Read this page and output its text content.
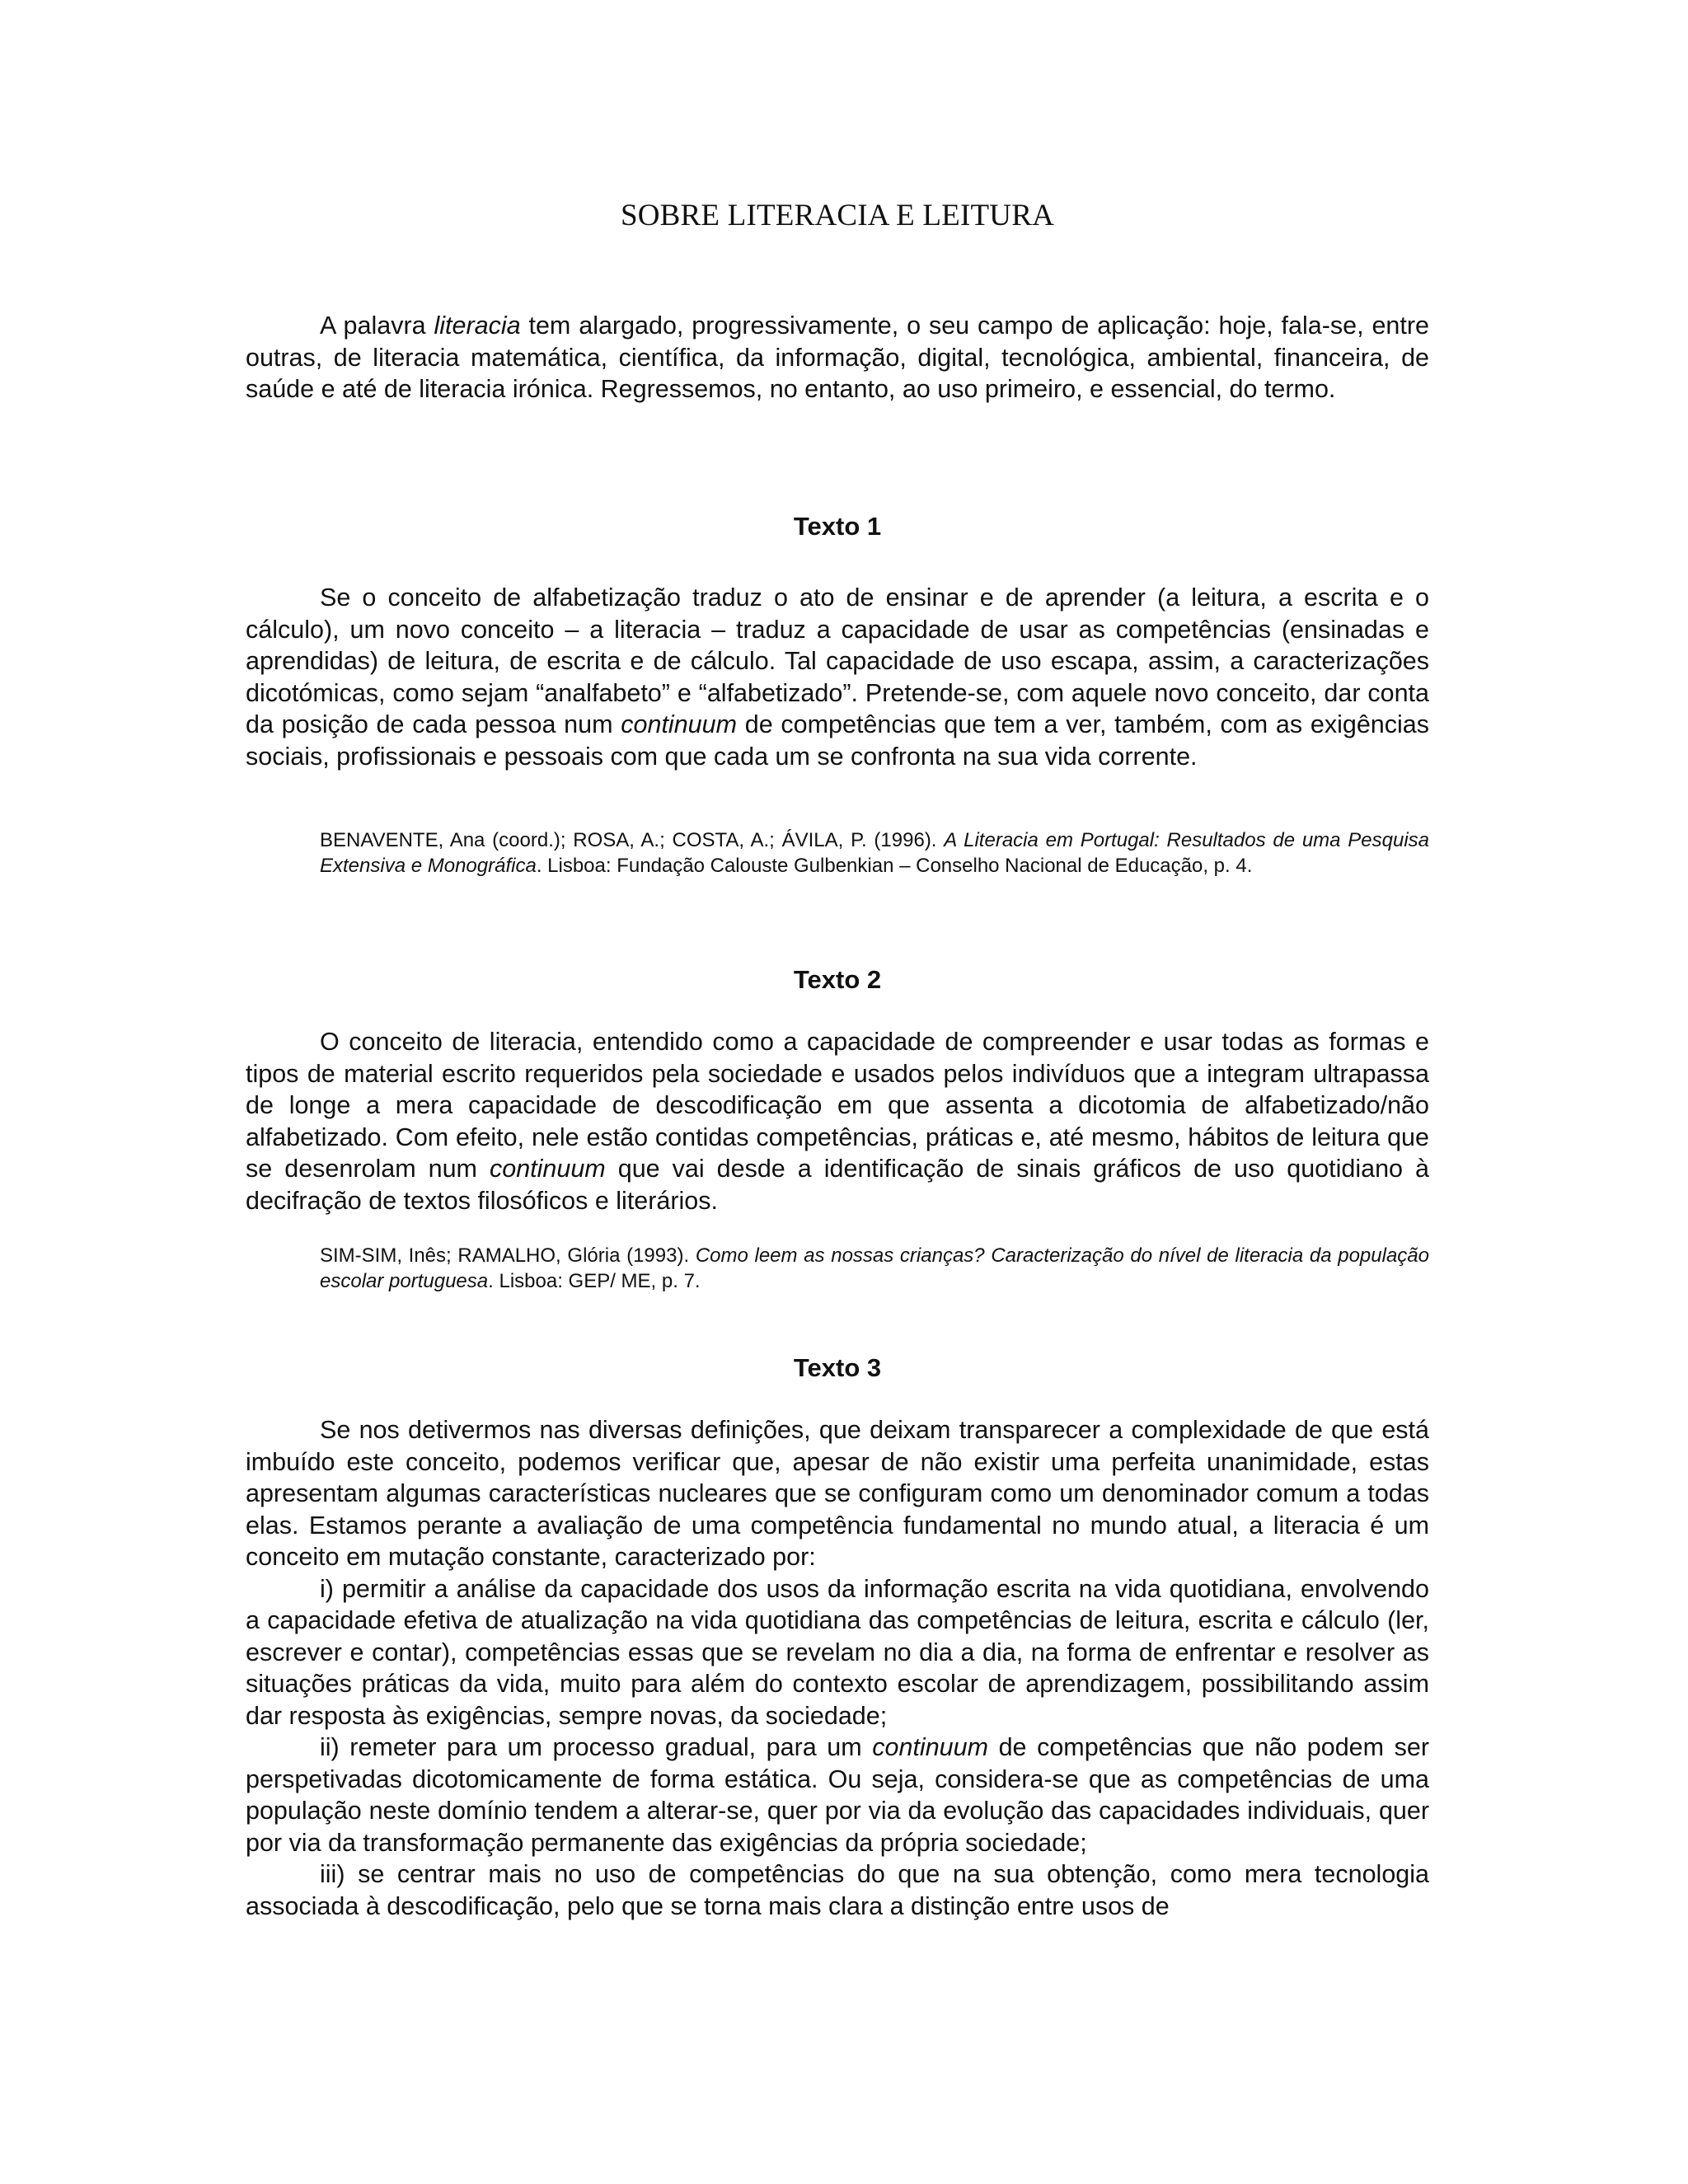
SOBRE LITERACIA E LEITURA

A palavra literacia tem alargado, progressivamente, o seu campo de aplicação: hoje, fala-se, entre outras, de literacia matemática, científica, da informação, digital, tecnológica, ambiental, financeira, de saúde e até de literacia irónica. Regressemos, no entanto, ao uso primeiro, e essencial, do termo.

Texto 1

Se o conceito de alfabetização traduz o ato de ensinar e de aprender (a leitura, a escrita e o cálculo), um novo conceito – a literacia – traduz a capacidade de usar as competências (ensinadas e aprendidas) de leitura, de escrita e de cálculo. Tal capacidade de uso escapa, assim, a caracterizações dicotómicas, como sejam “analfabeto” e “alfabetizado”. Pretende-se, com aquele novo conceito, dar conta da posição de cada pessoa num continuum de competências que tem a ver, também, com as exigências sociais, profissionais e pessoais com que cada um se confronta na sua vida corrente.

BENAVENTE, Ana (coord.); ROSA, A.; COSTA, A.; ÁVILA, P. (1996). A Literacia em Portugal: Resultados de uma Pesquisa Extensiva e Monográfica. Lisboa: Fundação Calouste Gulbenkian – Conselho Nacional de Educação, p. 4.

Texto 2

O conceito de literacia, entendido como a capacidade de compreender e usar todas as formas e tipos de material escrito requeridos pela sociedade e usados pelos indivíduos que a integram ultrapassa de longe a mera capacidade de descodificação em que assenta a dicotomia de alfabetizado/não alfabetizado. Com efeito, nele estão contidas competências, práticas e, até mesmo, hábitos de leitura que se desenrolam num continuum que vai desde a identificação de sinais gráficos de uso quotidiano à decifração de textos filosóficos e literários.

SIM-SIM, Inês; RAMALHO, Glória (1993). Como leem as nossas crianças? Caracterização do nível de literacia da população escolar portuguesa. Lisboa: GEP/ ME, p. 7.

Texto 3

Se nos detivermos nas diversas definições, que deixam transparecer a complexidade de que está imbuído este conceito, podemos verificar que, apesar de não existir uma perfeita unanimidade, estas apresentam algumas características nucleares que se configuram como um denominador comum a todas elas. Estamos perante a avaliação de uma competência fundamental no mundo atual, a literacia é um conceito em mutação constante, caracterizado por:

i) permitir a análise da capacidade dos usos da informação escrita na vida quotidiana, envolvendo a capacidade efetiva de atualização na vida quotidiana das competências de leitura, escrita e cálculo (ler, escrever e contar), competências essas que se revelam no dia a dia, na forma de enfrentar e resolver as situações práticas da vida, muito para além do contexto escolar de aprendizagem, possibilitando assim dar resposta às exigências, sempre novas, da sociedade;

ii) remeter para um processo gradual, para um continuum de competências que não podem ser perspetivadas dicotomicamente de forma estática. Ou seja, considera-se que as competências de uma população neste domínio tendem a alterar-se, quer por via da evolução das capacidades individuais, quer por via da transformação permanente das exigências da própria sociedade;

iii) se centrar mais no uso de competências do que na sua obtenção, como mera tecnologia associada à descodificação, pelo que se torna mais clara a distinção entre usos de
